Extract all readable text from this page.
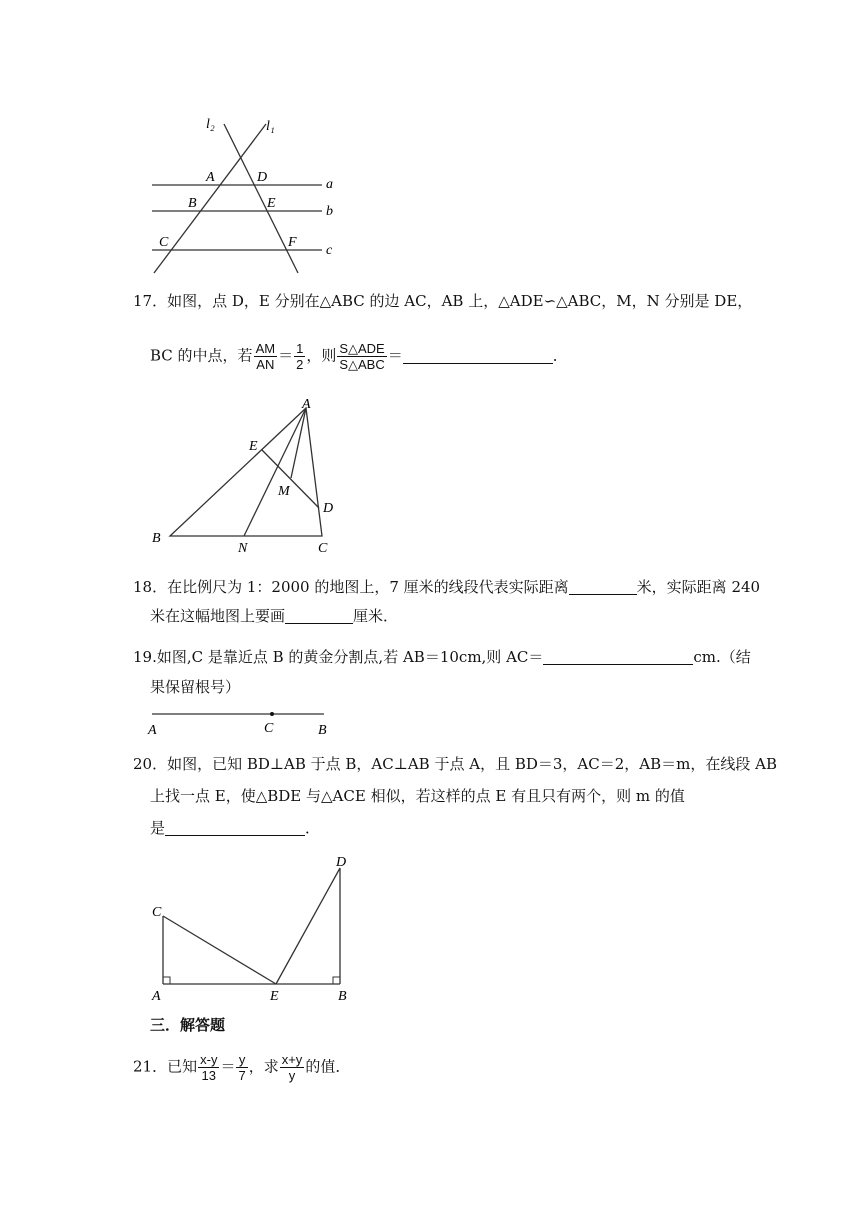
l₂	l₁
A	D	a
B	E
b
C	F
c
17．如图，点 D，E 分别在△ABC 的边 AC，AB 上，△ADE∽△ABC，M，N 分别是 DE，
BC 的中点，若 $\frac{AM}{AN} = \frac{1}{2}$ ，则 $\frac{\text{S△ADE}}{\text{S△ABC}}$ ＝	．
A
E
M
D
B
N	C
18．在比例尺为 1：2000 的地图上，7 厘米的线段代表实际距离	米，实际距离 240
米在这幅地图上要画	厘米．
19.如图,C 是靠近点 B 的黄金分割点,若 AB＝10cm,则 AC＝	cm.（结
果保留根号）
A	C	B
20．如图，已知 BD⊥AB 于点 B，AC⊥AB 于点 A，且 BD＝3，AC＝2，AB＝m，在线段 AB
上找一点 E，使△BDE 与△ACE 相似，若这样的点 E 有且只有两个，则 m 的值
是	．
C
D
A	E	B
三．解答题
21．已知 $\frac{x-y}{13} = \frac{y}{7}$ ，求 $\frac{x+y}{y}$ 的值．
